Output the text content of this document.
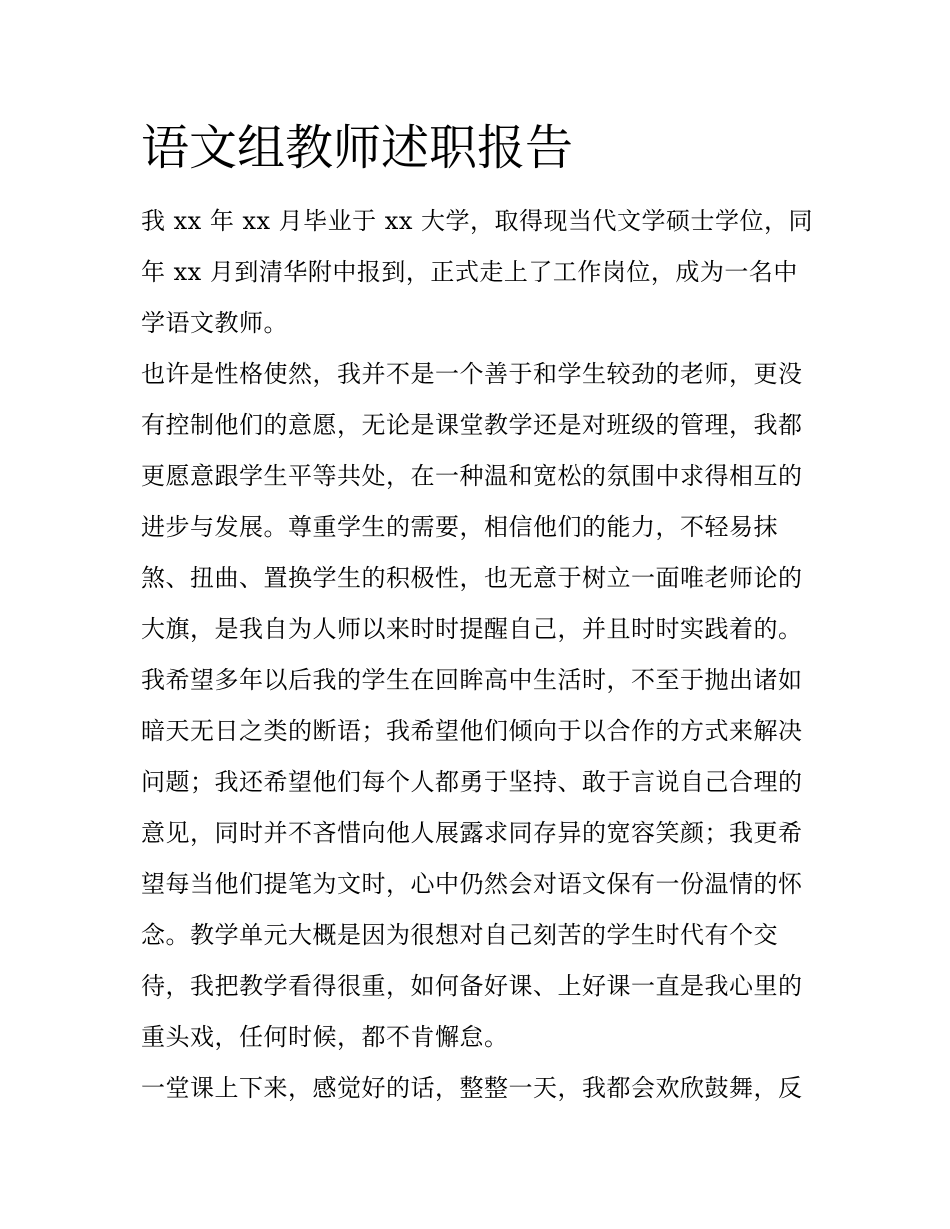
语文组教师述职报告
我 xx 年 xx 月毕业于 xx 大学，取得现当代文学硕士学位，同
年 xx 月到清华附中报到，正式走上了工作岗位，成为一名中
学语文教师。
也许是性格使然，我并不是一个善于和学生较劲的老师，更没
有控制他们的意愿，无论是课堂教学还是对班级的管理，我都
更愿意跟学生平等共处，在一种温和宽松的氛围中求得相互的
进步与发展。尊重学生的需要，相信他们的能力，不轻易抹
煞、扭曲、置换学生的积极性，也无意于树立一面唯老师论的
大旗，是我自为人师以来时时提醒自己，并且时时实践着的。
我希望多年以后我的学生在回眸高中生活时，不至于抛出诸如
暗天无日之类的断语；我希望他们倾向于以合作的方式来解决
问题；我还希望他们每个人都勇于坚持、敢于言说自己合理的
意见，同时并不吝惜向他人展露求同存异的宽容笑颜；我更希
望每当他们提笔为文时，心中仍然会对语文保有一份温情的怀
念。教学单元大概是因为很想对自己刻苦的学生时代有个交
待，我把教学看得很重，如何备好课、上好课一直是我心里的
重头戏，任何时候，都不肯懈怠。
一堂课上下来，感觉好的话，整整一天，我都会欢欣鼓舞，反
